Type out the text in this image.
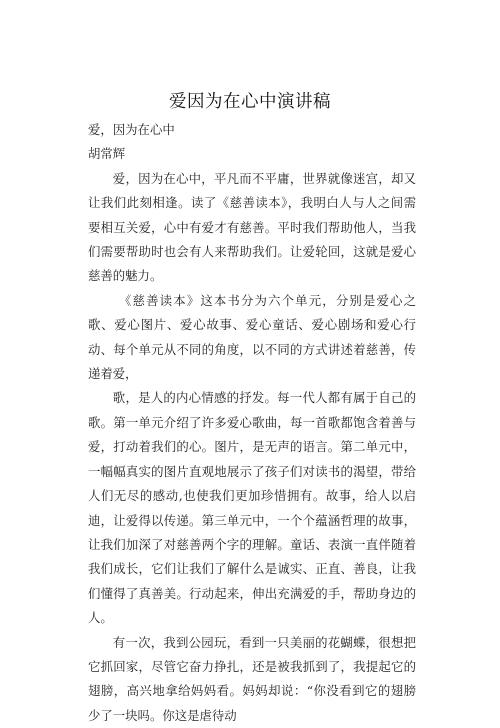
爱因为在心中演讲稿

爱，因为在心中

胡常辉

爱，因为在心中，平凡而不平庸，世界就像迷宫，却又让我们此刻相逢。读了《慈善读本》，我明白人与人之间需要相互关爱，心中有爱才有慈善。平时我们帮助他人，当我们需要帮助时也会有人来帮助我们。让爱轮回，这就是爱心慈善的魅力。

《慈善读本》这本书分为六个单元，分别是爱心之歌、爱心图片、爱心故事、爱心童话、爱心剧场和爱心行动、每个单元从不同的角度，以不同的方式讲述着慈善，传递着爱，

歌，是人的内心情感的抒发。每一代人都有属于自己的歌。第一单元介绍了许多爱心歌曲，每一首歌都饱含着善与爱，打动着我们的心。图片，是无声的语言。第二单元中，一幅幅真实的图片直观地展示了孩子们对读书的渴望，带给人们无尽的感动,也使我们更加珍惜拥有。故事，给人以启迪，让爱得以传递。第三单元中，一个个蕴涵哲理的故事，让我们加深了对慈善两个字的理解。童话、表演一直伴随着我们成长，它们让我们了解什么是诚实、正直、善良，让我们懂得了真善美。行动起来，伸出充满爱的手，帮助身边的人。

有一次，我到公园玩，看到一只美丽的花蝴蝶，很想把它抓回家，尽管它奋力挣扎，还是被我抓到了，我提起它的翅膀，高兴地拿给妈妈看。妈妈却说：“你没看到它的翅膀少了一块吗。你这是虐待动
